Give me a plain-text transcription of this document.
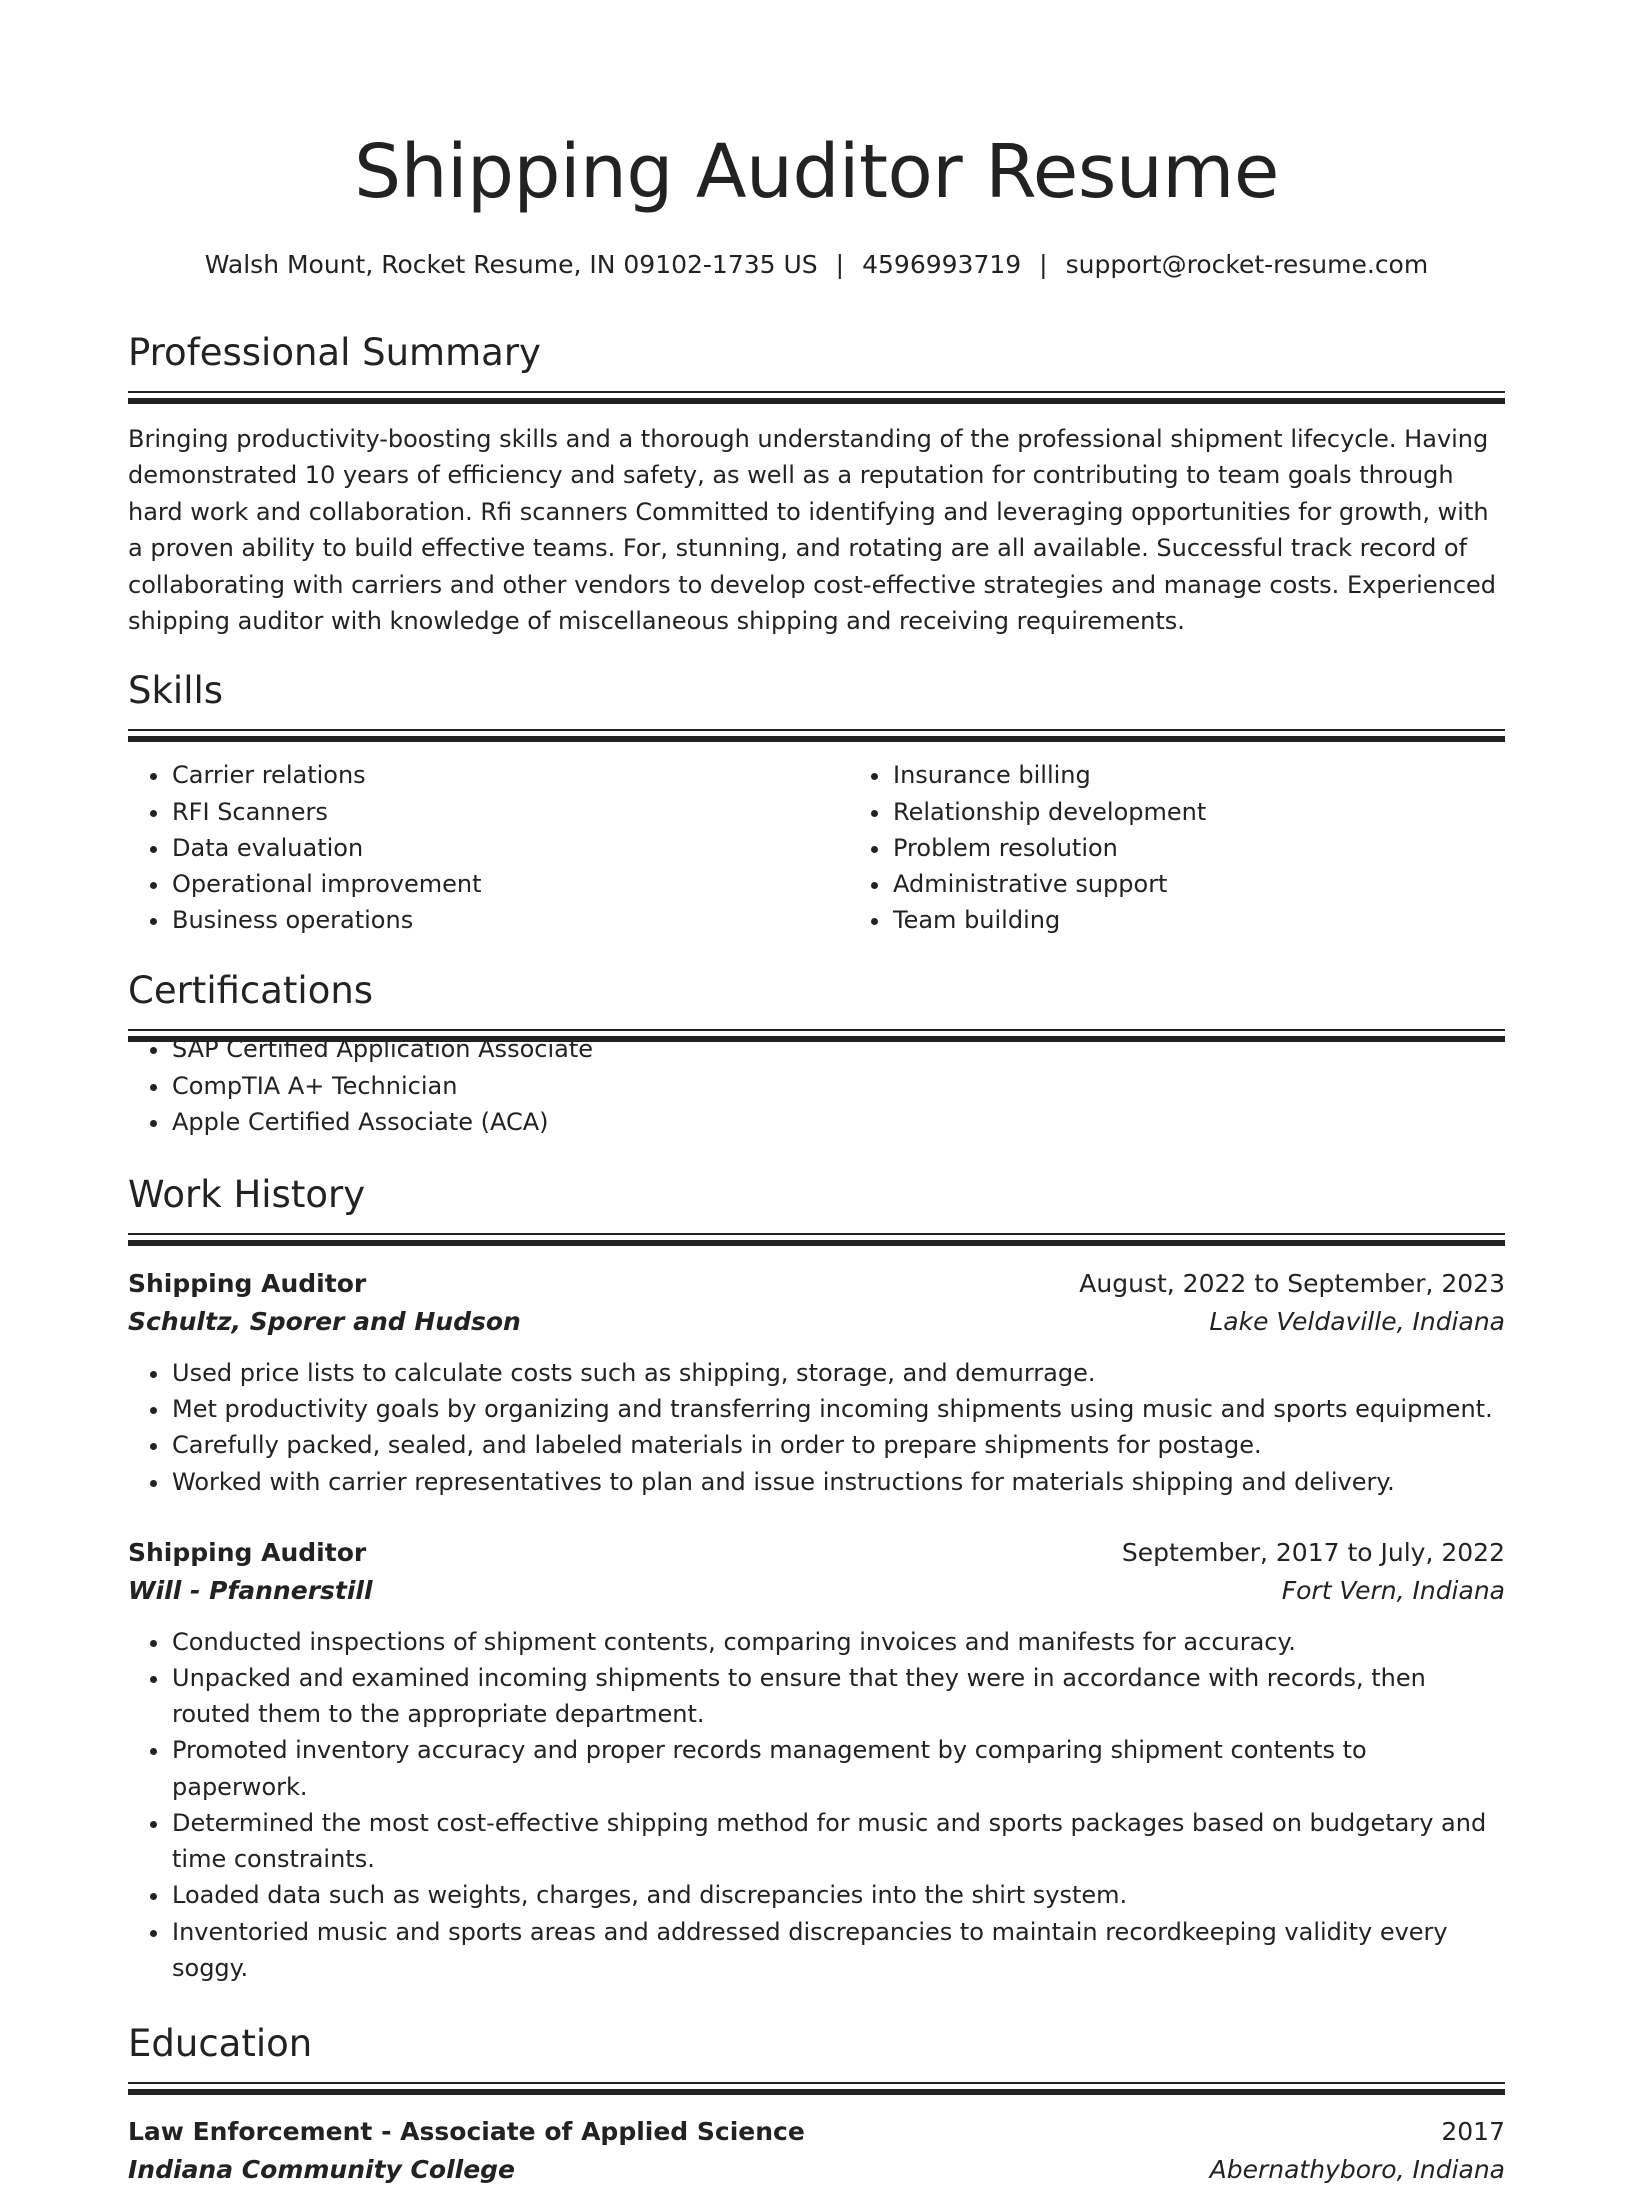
Shipping Auditor Resume
Walsh Mount, Rocket Resume, IN 09102-1735 US | 4596993719 | support@rocket-resume.com
Professional Summary

Bringing productivity-boosting skills and a thorough understanding of the professional shipment lifecycle. Having demonstrated 10 years of efficiency and safety, as well as a reputation for contributing to team goals through hard work and collaboration. Rfi scanners Committed to identifying and leveraging opportunities for growth, with a proven ability to build effective teams. For, stunning, and rotating are all available. Successful track record of collaborating with carriers and other vendors to develop cost-effective strategies and manage costs. Experienced shipping auditor with knowledge of miscellaneous shipping and receiving requirements.

Skills
• Carrier relations
• RFI Scanners
• Data evaluation
• Operational improvement
• Business operations
• Insurance billing
• Relationship development
• Problem resolution
• Administrative support
• Team building
Certifications
• SAP Certified Application Associate
• CompTIA A+ Technician
• Apple Certified Associate (ACA)
Work History
Shipping Auditor	August, 2022 to September, 2023
Schultz, Sporer and Hudson	Lake Veldaville, Indiana
• Used price lists to calculate costs such as shipping, storage, and demurrage.
• Met productivity goals by organizing and transferring incoming shipments using music and sports equipment.
• Carefully packed, sealed, and labeled materials in order to prepare shipments for postage.
• Worked with carrier representatives to plan and issue instructions for materials shipping and delivery.
Shipping Auditor	September, 2017 to July, 2022
Will - Pfannerstill	Fort Vern, Indiana
• Conducted inspections of shipment contents, comparing invoices and manifests for accuracy.
• Unpacked and examined incoming shipments to ensure that they were in accordance with records, then routed them to the appropriate department.
• Promoted inventory accuracy and proper records management by comparing shipment contents to paperwork.
• Determined the most cost-effective shipping method for music and sports packages based on budgetary and time constraints.
• Loaded data such as weights, charges, and discrepancies into the shirt system.
• Inventoried music and sports areas and addressed discrepancies to maintain recordkeeping validity every soggy.
Education
Law Enforcement - Associate of Applied Science	2017
Indiana Community College	Abernathyboro, Indiana
